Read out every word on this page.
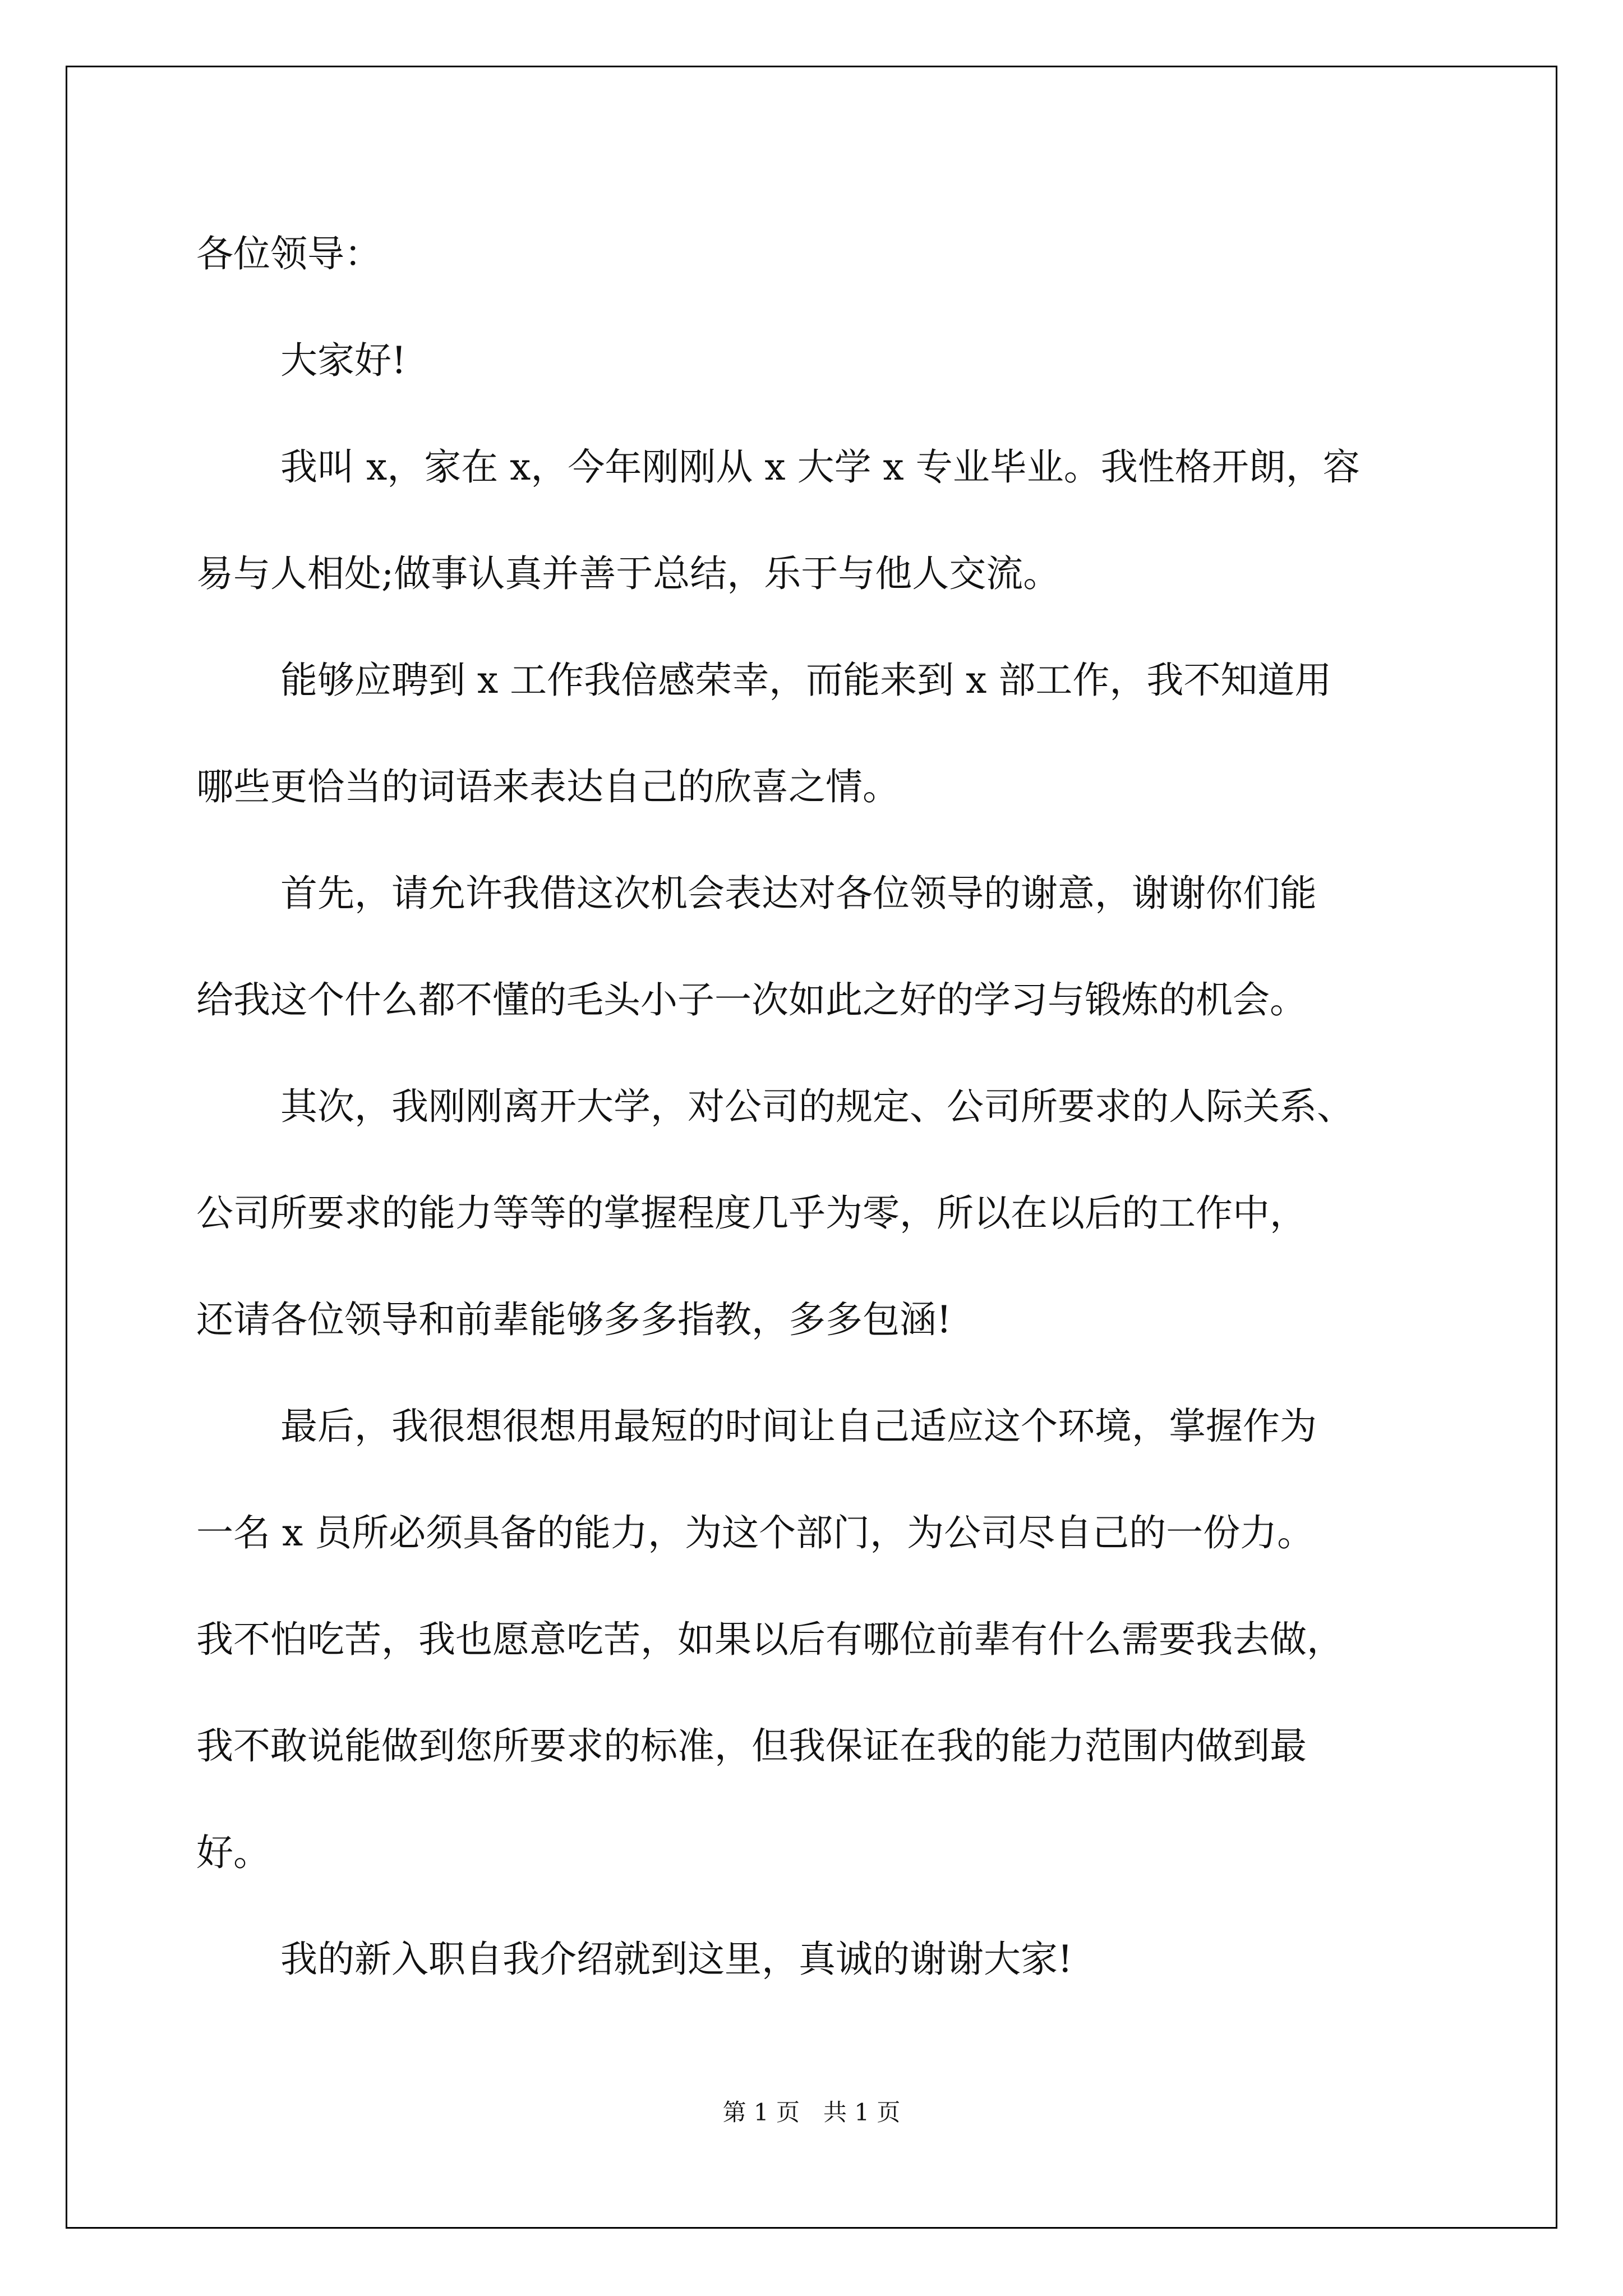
各位领导：
大家好!
我叫 x，家在 x，今年刚刚从 x 大学 x 专业毕业。我性格开朗，容
易与人相处;做事认真并善于总结，乐于与他人交流。
能够应聘到 x 工作我倍感荣幸，而能来到 x 部工作，我不知道用
哪些更恰当的词语来表达自己的欣喜之情。
首先，请允许我借这次机会表达对各位领导的谢意，谢谢你们能
给我这个什么都不懂的毛头小子一次如此之好的学习与锻炼的机会。
其次，我刚刚离开大学，对公司的规定、公司所要求的人际关系、
公司所要求的能力等等的掌握程度几乎为零，所以在以后的工作中，
还请各位领导和前辈能够多多指教，多多包涵!
最后，我很想很想用最短的时间让自己适应这个环境，掌握作为
一名 x 员所必须具备的能力，为这个部门，为公司尽自己的一份力。
我不怕吃苦，我也愿意吃苦，如果以后有哪位前辈有什么需要我去做，
我不敢说能做到您所要求的标准，但我保证在我的能力范围内做到最
好。
我的新入职自我介绍就到这里，真诚的谢谢大家!
第 1 页　共 1 页
